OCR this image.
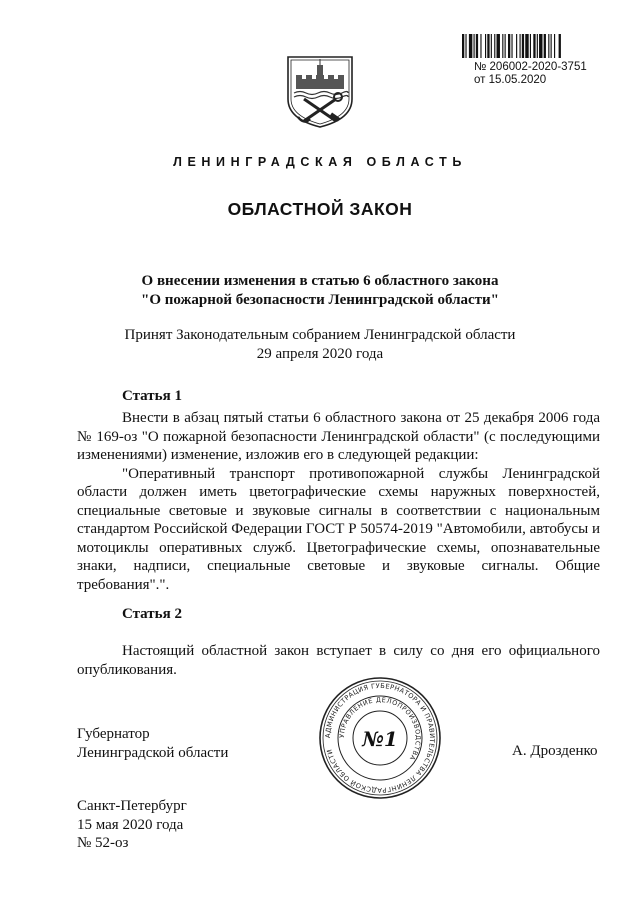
№ 206002-2020-3751
от 15.05.2020
ЛЕНИНГРАДСКАЯ ОБЛАСТЬ
ОБЛАСТНОЙ ЗАКОН
О внесении изменения в статью 6 областного закона
"О пожарной безопасности Ленинградской области"
Принят Законодательным собранием Ленинградской области
29 апреля 2020 года
Статья 1

Внести в абзац пятый статьи 6 областного закона от 25 декабря 2006 года № 169-оз "О пожарной безопасности Ленинградской области" (с последующими изменениями) изменение, изложив его в следующей редакции:

"Оперативный транспорт противопожарной службы Ленинградской области должен иметь цветографические схемы наружных поверхностей, специальные световые и звуковые сигналы в соответствии с национальным стандартом Российской Федерации ГОСТ Р 50574-2019 "Автомобили, автобусы и мотоциклы оперативных служб. Цветографические схемы, опознавательные знаки, надписи, специальные световые и звуковые сигналы. Общие требования".".

Статья 2

Настоящий областной закон вступает в силу со дня его официального опубликования.

Губернатор
Ленинградской области
АДМИНИСТРАЦИЯ ГУБЕРНАТОРА И ПРАВИТЕЛЬСТВА ЛЕНИНГРАДСКОЙ ОБЛАСТИ
УПРАВЛЕНИЕ ДЕЛОПРОИЗВОДСТВА
№1	А. Дрозденко
Санкт-Петербург
15 мая 2020 года
№ 52-оз
